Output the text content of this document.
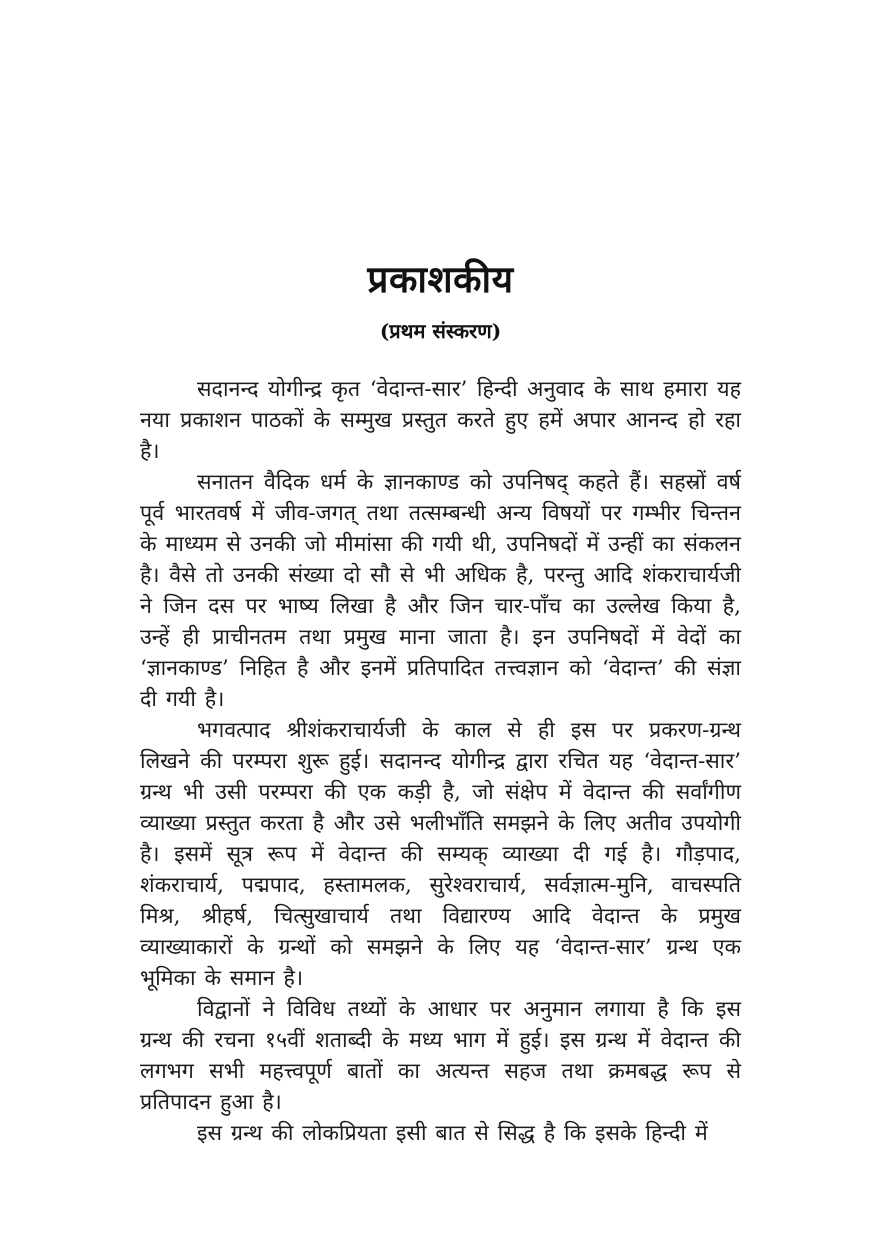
प्रकाशकीय
(प्रथम संस्करण)

सदानन्द योगीन्द्र कृत ‘वेदान्त-सार’ हिन्दी अनुवाद के साथ हमारा यह नया प्रकाशन पाठकों के सम्मुख प्रस्तुत करते हुए हमें अपार आनन्द हो रहा है।

सनातन वैदिक धर्म के ज्ञानकाण्ड को उपनिषद् कहते हैं। सहस्रों वर्ष पूर्व भारतवर्ष में जीव-जगत् तथा तत्सम्बन्धी अन्य विषयों पर गम्भीर चिन्तन के माध्यम से उनकी जो मीमांसा की गयी थी, उपनिषदों में उन्हीं का संकलन है। वैसे तो उनकी संख्या दो सौ से भी अधिक है, परन्तु आदि शंकराचार्यजी ने जिन दस पर भाष्य लिखा है और जिन चार-पाँच का उल्लेख किया है, उन्हें ही प्राचीनतम तथा प्रमुख माना जाता है। इन उपनिषदों में वेदों का ‘ज्ञानकाण्ड’ निहित है और इनमें प्रतिपादित तत्त्वज्ञान को ‘वेदान्त’ की संज्ञा दी गयी है।

भगवत्पाद श्रीशंकराचार्यजी के काल से ही इस पर प्रकरण-ग्रन्थ लिखने की परम्परा शुरू हुई। सदानन्द योगीन्द्र द्वारा रचित यह ‘वेदान्त-सार’ ग्रन्थ भी उसी परम्परा की एक कड़ी है, जो संक्षेप में वेदान्त की सर्वांगीण व्याख्या प्रस्तुत करता है और उसे भलीभाँति समझने के लिए अतीव उपयोगी है। इसमें सूत्र रूप में वेदान्त की सम्यक् व्याख्या दी गई है। गौड़पाद, शंकराचार्य, पद्मपाद, हस्तामलक, सुरेश्वराचार्य, सर्वज्ञात्म-मुनि, वाचस्पति मिश्र, श्रीहर्ष, चित्सुखाचार्य तथा विद्यारण्य आदि वेदान्त के प्रमुख व्याख्याकारों के ग्रन्थों को समझने के लिए यह ‘वेदान्त-सार’ ग्रन्थ एक भूमिका के समान है।

विद्वानों ने विविध तथ्यों के आधार पर अनुमान लगाया है कि इस ग्रन्थ की रचना १५वीं शताब्दी के मध्य भाग में हुई। इस ग्रन्थ में वेदान्त की लगभग सभी महत्त्वपूर्ण बातों का अत्यन्त सहज तथा क्रमबद्ध रूप से प्रतिपादन हुआ है।

इस ग्रन्थ की लोकप्रियता इसी बात से सिद्ध है कि इसके हिन्दी में
